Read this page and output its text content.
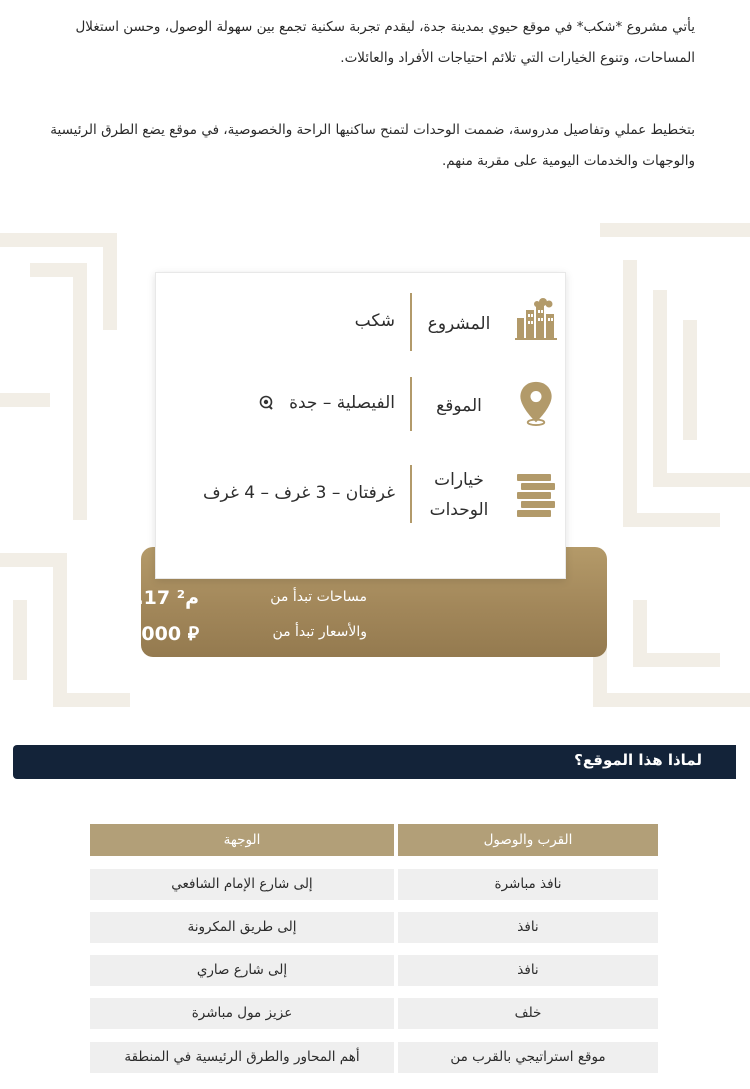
يأتي مشروع *شكب* في موقع حيوي بمدينة جدة، ليقدم تجربة سكنية تجمع بين سهولة الوصول، وحسن استغلال المساحات، وتنوع الخيارات التي تلائم احتياجات الأفراد والعائلات.

بتخطيط عملي وتفاصيل مدروسة، ضممت الوحدات لتمنح ساكنيها الراحة والخصوصية، في موقع يضع الطرق الرئيسية والوجهات والخدمات اليومية على مقربة منهم.

مساحات تبدأ من
74.17 م²
والأسعار تبدأ من
309,000 ⃁
المشروع
شكب
الموقع
الفيصلية – جدة
خيارات الوحدات
غرفتان – 3 غرف – 4 غرف
لماذا هذا الموقع؟
القرب والوصول
الوجهة
نافذ مباشرة
إلى شارع الإمام الشافعي
نافذ
إلى طريق المكرونة
نافذ
إلى شارع صاري
خلف
عزيز مول مباشرة
موقع استراتيجي بالقرب من
أهم المحاور والطرق الرئيسية في المنطقة
